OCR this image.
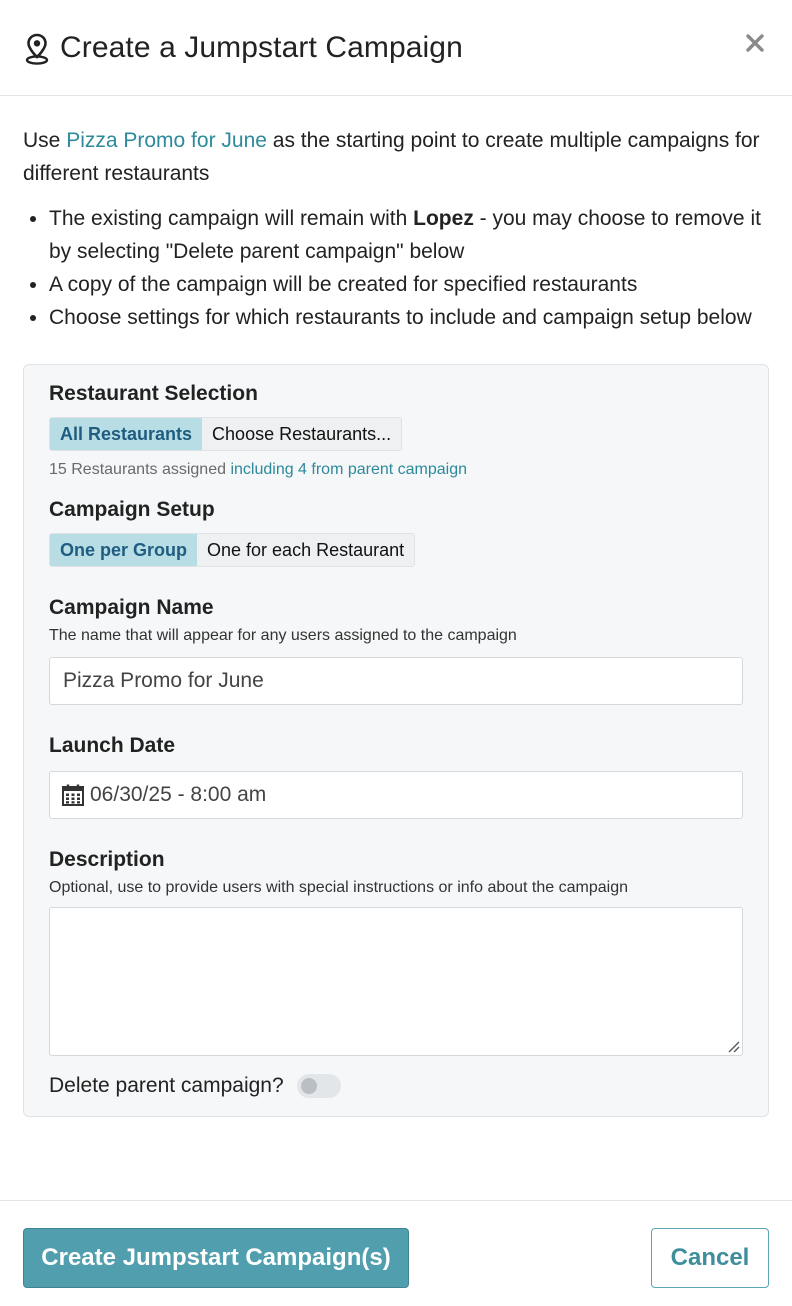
Create a Jumpstart Campaign

Use Pizza Promo for June as the starting point to create multiple campaigns for different restaurants

• The existing campaign will remain with Lopez - you may choose to remove it by selecting "Delete parent campaign" below
• A copy of the campaign will be created for specified restaurants
• Choose settings for which restaurants to include and campaign setup below
Restaurant Selection
All Restaurants	Choose Restaurants...
15 Restaurants assigned including 4 from parent campaign
Campaign Setup
One per Group	One for each Restaurant
Campaign Name
The name that will appear for any users assigned to the campaign
Pizza Promo for June
Launch Date
06/30/25 - 8:00 am
Description
Optional, use to provide users with special instructions or info about the campaign
Delete parent campaign?
Create Jumpstart Campaign(s)	Cancel
